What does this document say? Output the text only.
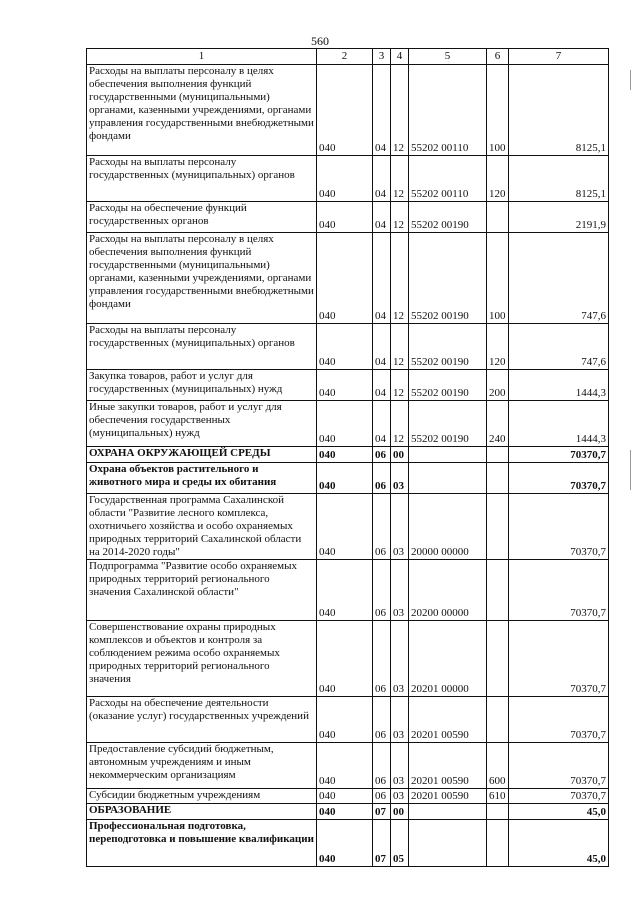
560
1	2	3	4	5	6	7
Расходы на выплаты персоналу в целях обеспечения выполнения функций государственными (муниципальными) органами, казенными учреждениями, органами управления государственными внебюджетными фондами	040	04	12	55202 00110	100	8125,1
Расходы на выплаты персоналу государственных (муниципальных) органов	040	04	12	55202 00110	120	8125,1
Расходы на обеспечение функций государственных органов	040	04	12	55202 00190		2191,9
Расходы на выплаты персоналу в целях обеспечения выполнения функций государственными (муниципальными) органами, казенными учреждениями, органами управления государственными внебюджетными фондами	040	04	12	55202 00190	100	747,6
Расходы на выплаты персоналу государственных (муниципальных) органов	040	04	12	55202 00190	120	747,6
Закупка товаров, работ и услуг для государственных (муниципальных) нужд	040	04	12	55202 00190	200	1444,3
Иные закупки товаров, работ и услуг для обеспечения государственных (муниципальных) нужд	040	04	12	55202 00190	240	1444,3
ОХРАНА ОКРУЖАЮЩЕЙ СРЕДЫ	040	06	00			70370,7
Охрана объектов растительного и животного мира и среды их обитания	040	06	03			70370,7
Государственная программа Сахалинской области "Развитие лесного комплекса, охотничьего хозяйства и особо охраняемых природных территорий Сахалинской области на 2014-2020 годы"	040	06	03	20000 00000		70370,7
Подпрограмма "Развитие особо охраняемых природных территорий регионального значения Сахалинской области"	040	06	03	20200 00000		70370,7
Совершенствование охраны природных комплексов и объектов и контроля за соблюдением режима особо охраняемых природных территорий регионального значения	040	06	03	20201 00000		70370,7
Расходы на обеспечение деятельности (оказание услуг) государственных учреждений	040	06	03	20201 00590		70370,7
Предоставление субсидий бюджетным, автономным учреждениям и иным некоммерческим организациям	040	06	03	20201 00590	600	70370,7
Субсидии бюджетным учреждениям	040	06	03	20201 00590	610	70370,7
ОБРАЗОВАНИЕ	040	07	00			45,0
Профессиональная подготовка, переподготовка и повышение квалификации	040	07	05			45,0
